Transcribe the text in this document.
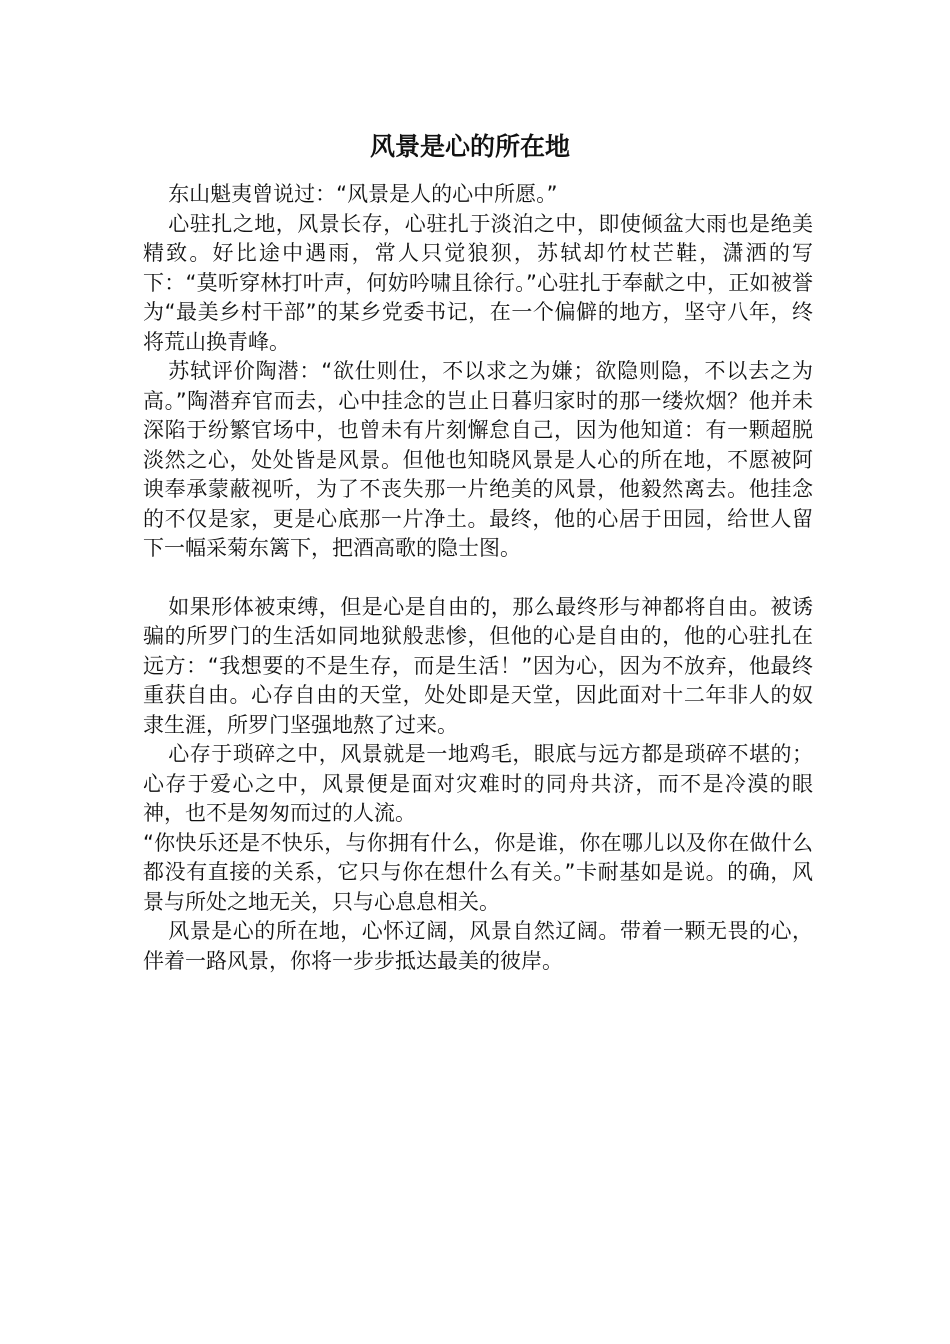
风景是心的所在地

东山魁夷曾说过：“风景是人的心中所愿。”

心驻扎之地，风景长存，心驻扎于淡泊之中，即使倾盆大雨也是绝美精致。好比途中遇雨，常人只觉狼狈，苏轼却竹杖芒鞋，潇洒的写下：“莫听穿林打叶声，何妨吟啸且徐行。”心驻扎于奉献之中，正如被誉为“最美乡村干部”的某乡党委书记，在一个偏僻的地方，坚守八年，终将荒山换青峰。

苏轼评价陶潜：“欲仕则仕，不以求之为嫌；欲隐则隐，不以去之为高。”陶潜弃官而去，心中挂念的岂止日暮归家时的那一缕炊烟？他并未深陷于纷繁官场中，也曾未有片刻懈怠自己，因为他知道：有一颗超脱淡然之心，处处皆是风景。但他也知晓风景是人心的所在地，不愿被阿谀奉承蒙蔽视听，为了不丧失那一片绝美的风景，他毅然离去。他挂念的不仅是家，更是心底那一片净土。最终，他的心居于田园，给世人留下一幅采菊东篱下，把酒高歌的隐士图。

如果形体被束缚，但是心是自由的，那么最终形与神都将自由。被诱骗的所罗门的生活如同地狱般悲惨，但他的心是自由的，他的心驻扎在远方：“我想要的不是生存，而是生活！”因为心，因为不放弃，他最终重获自由。心存自由的天堂，处处即是天堂，因此面对十二年非人的奴隶生涯，所罗门坚强地熬了过来。

心存于琐碎之中，风景就是一地鸡毛，眼底与远方都是琐碎不堪的；心存于爱心之中，风景便是面对灾难时的同舟共济，而不是冷漠的眼神，也不是匆匆而过的人流。

“你快乐还是不快乐，与你拥有什么，你是谁，你在哪儿以及你在做什么都没有直接的关系，它只与你在想什么有关。”卡耐基如是说。的确，风景与所处之地无关，只与心息息相关。

风景是心的所在地，心怀辽阔，风景自然辽阔。带着一颗无畏的心，伴着一路风景，你将一步步抵达最美的彼岸。
